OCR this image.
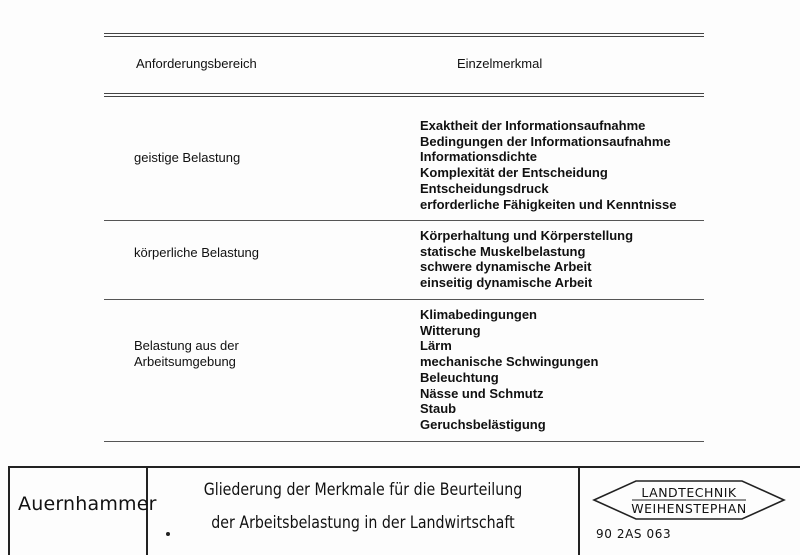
Anforderungsbereich	Einzelmerkmal
geistige Belastung
Exaktheit der Informationsaufnahme
Bedingungen der Informationsaufnahme
Informationsdichte
Komplexität der Entscheidung
Entscheidungsdruck
erforderliche Fähigkeiten und Kenntnisse
körperliche Belastung
Körperhaltung und Körperstellung
statische Muskelbelastung
schwere dynamische Arbeit
einseitig dynamische Arbeit
Belastung aus der
Arbeitsumgebung
Klimabedingungen
Witterung
Lärm
mechanische Schwingungen
Beleuchtung
Nässe und Schmutz
Staub
Geruchsbelästigung
Auernhammer
Gliederung der Merkmale für die Beurteilung
der Arbeitsbelastung in der Landwirtschaft
LANDTECHNIK
WEIHENSTEPHAN
90 2AS 063
